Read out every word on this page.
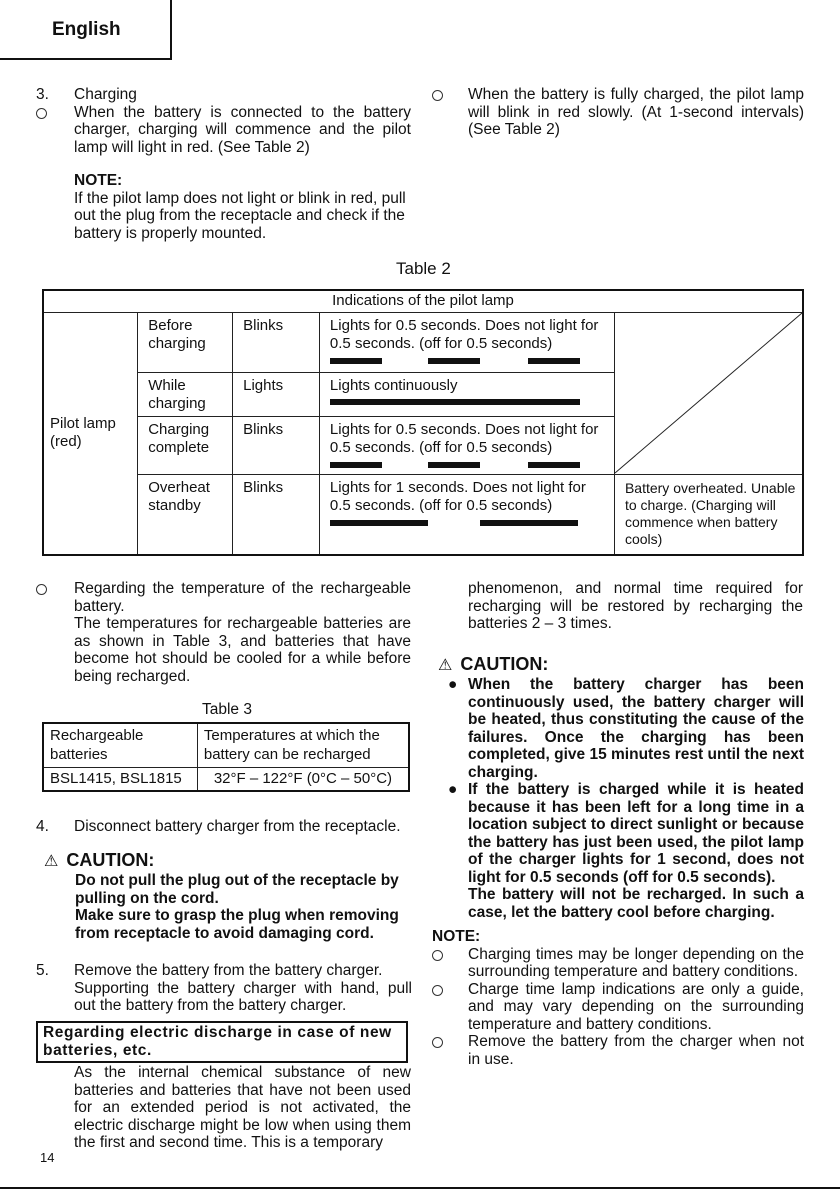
English
3. Charging
When the battery is connected to the battery charger, charging will commence and the pilot lamp will light in red. (See Table 2)
NOTE:
If the pilot lamp does not light or blink in red, pull out the plug from the receptacle and check if the battery is properly mounted.
When the battery is fully charged, the pilot lamp will blink in red slowly. (At 1-second intervals) (See Table 2)
Table 2
Indications of the pilot lamp				
Pilot lamp (red)	Before charging	Blinks	Lights for 0.5 seconds. Does not light for 0.5 seconds. (off for 0.5 seconds)

	While charging	Lights	Lights continuously	

	Charging complete	Blinks	Lights for 0.5 seconds. Does not light for 0.5 seconds. (off for 0.5 seconds)	

	Overheat standby	Blinks	Lights for 1 seconds. Does not light for 0.5 seconds. (off for 0.5 seconds)	Battery overheated. Unable to charge. (Charging will commence when battery cools)
Regarding the temperature of the rechargeable battery.
The temperatures for rechargeable batteries are as shown in Table 3, and batteries that have become hot should be cooled for a while before being recharged.
Table 3
Rechargeable batteries	Temperatures at which the battery can be recharged
BSL1415, BSL1815	32°F – 122°F (0°C – 50°C)
4. Disconnect battery charger from the receptacle.
⚠ CAUTION:
Do not pull the plug out of the receptacle by pulling on the cord.
Make sure to grasp the plug when removing from receptacle to avoid damaging cord.
5. Remove the battery from the battery charger.
Supporting the battery charger with hand, pull out the battery from the battery charger.
Regarding electric discharge in case of new batteries, etc.
As the internal chemical substance of new batteries and batteries that have not been used for an extended period is not activated, the electric discharge might be low when using them the first and second time. This is a temporary
14
phenomenon, and normal time required for recharging will be restored by recharging the batteries 2 – 3 times.
⚠ CAUTION:
● When the battery charger has been continuously used, the battery charger will be heated, thus constituting the cause of the failures. Once the charging has been completed, give 15 minutes rest until the next charging.
● If the battery is charged while it is heated because it has been left for a long time in a location subject to direct sunlight or because the battery has just been used, the pilot lamp of the charger lights for 1 second, does not light for 0.5 seconds (off for 0.5 seconds).
The battery will not be recharged. In such a case, let the battery cool before charging.
NOTE:
Charging times may be longer depending on the surrounding temperature and battery conditions.
Charge time lamp indications are only a guide, and may vary depending on the surrounding temperature and battery conditions.
Remove the battery from the charger when not in use.
